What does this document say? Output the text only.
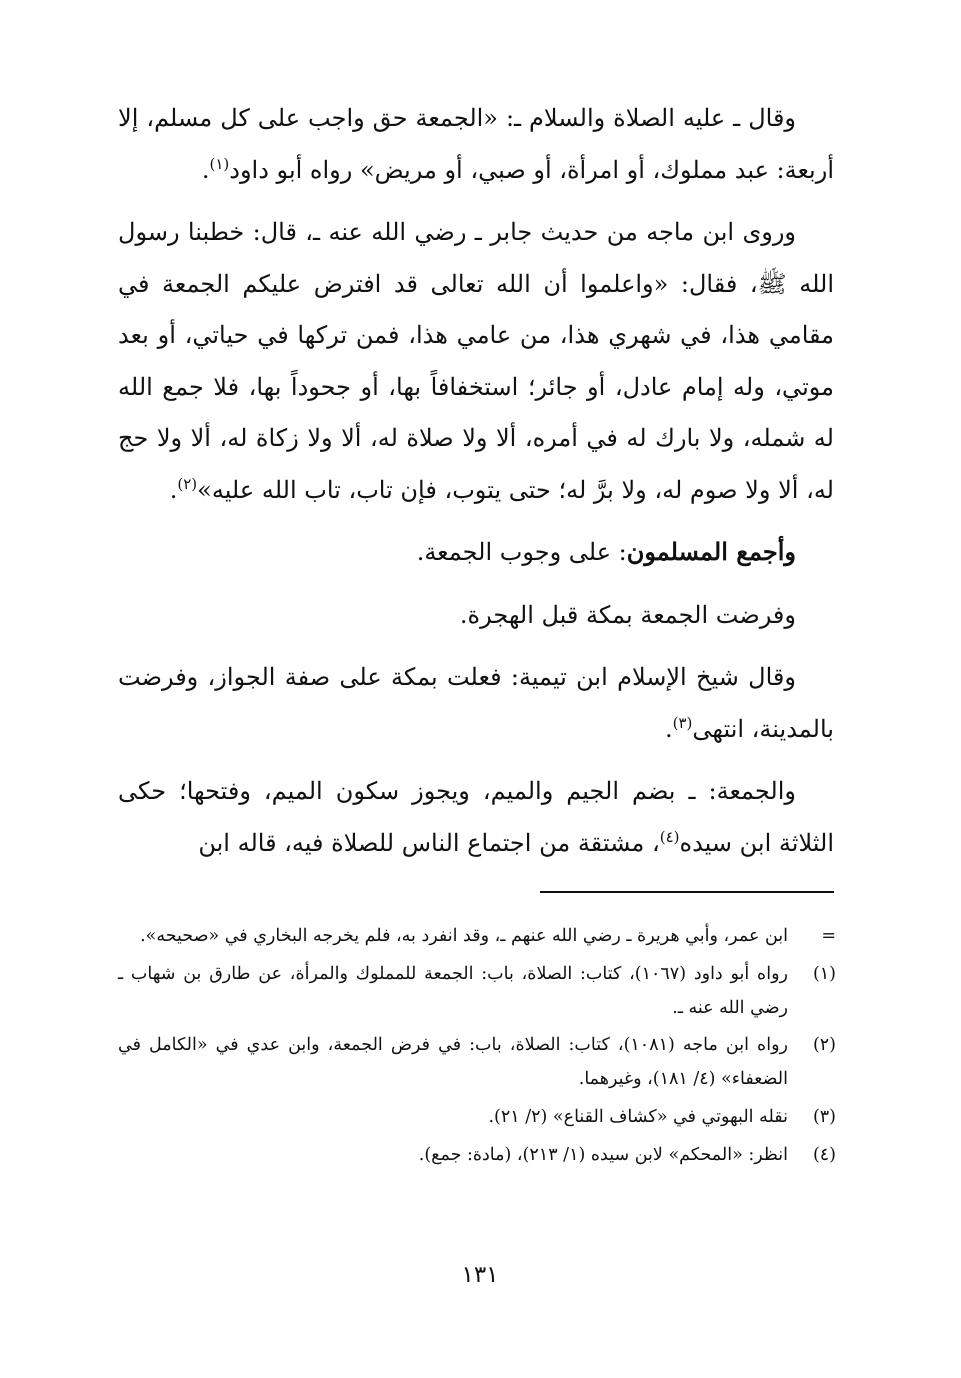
وقال ـ عليه الصلاة والسلام ـ: «الجمعة حق واجب على كل مسلم، إلا أربعة: عبد مملوك، أو امرأة، أو صبي، أو مريض» رواه أبو داود$^{(١)}$.

وروى ابن ماجه من حديث جابر ـ رضي الله عنه ـ، قال: خطبنا رسول الله ﷺ، فقال: «واعلموا أن الله تعالى قد افترض عليكم الجمعة في مقامي هذا، في شهري هذا، من عامي هذا، فمن تركها في حياتي، أو بعد موتي، وله إمام عادل، أو جائر؛ استخفافاً بها، أو جحوداً بها، فلا جمع الله له شمله، ولا بارك له في أمره، ألا ولا صلاة له، ألا ولا زكاة له، ألا ولا حج له، ألا ولا صوم له، ولا برَّ له؛ حتى يتوب، فإن تاب، تاب الله عليه»$^{(٢)}$.

وأجمع المسلمون: على وجوب الجمعة.

وفرضت الجمعة بمكة قبل الهجرة.

وقال شيخ الإسلام ابن تيمية: فعلت بمكة على صفة الجواز، وفرضت بالمدينة، انتهى$^{(٣)}$.

والجمعة: ـ بضم الجيم والميم، ويجوز سكون الميم، وفتحها؛ حكى الثلاثة ابن سيده$^{(٤)}$، مشتقة من اجتماع الناس للصلاة فيه، قاله ابن

=
ابن عمر، وأبي هريرة ـ رضي الله عنهم ـ، وقد انفرد به، فلم يخرجه البخاري في «صحيحه».
(١)
رواه أبو داود (١٠٦٧)، كتاب: الصلاة، باب: الجمعة للمملوك والمرأة، عن طارق بن شهاب ـ رضي الله عنه ـ.
(٢)
رواه ابن ماجه (١٠٨١)، كتاب: الصلاة، باب: في فرض الجمعة، وابن عدي في «الكامل في الضعفاء» (٤/ ١٨١)، وغيرهما.
(٣)
نقله البهوتي في «كشاف القناع» (٢/ ٢١).
(٤)
انظر: «المحكم» لابن سيده (١/ ٢١٣)، (مادة: جمع).
١٣١
